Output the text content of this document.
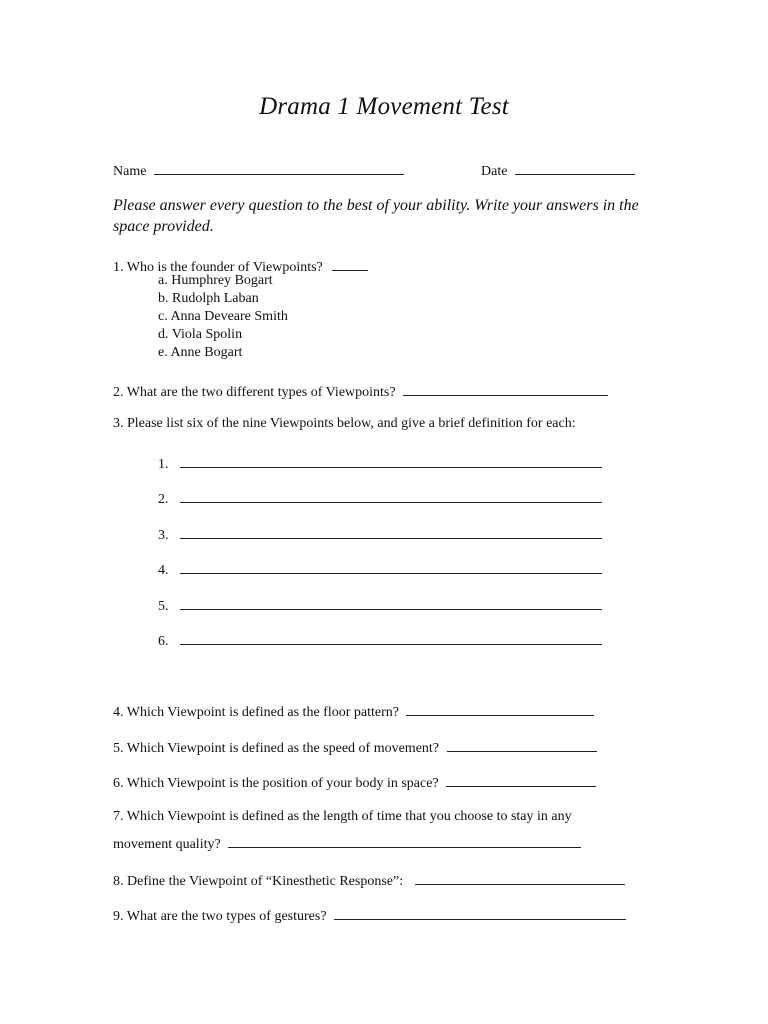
Drama 1 Movement Test
Name	Date
Please answer every question to the best of your ability. Write your answers in the space provided.
1. Who is the founder of Viewpoints?
a. Humphrey Bogart
b. Rudolph Laban
c. Anna Deveare Smith
d. Viola Spolin
e. Anne Bogart
2. What are the two different types of Viewpoints?
3. Please list six of the nine Viewpoints below, and give a brief definition for each:
1.
2.
3.
4.
5.
6.
4. Which Viewpoint is defined as the floor pattern?
5. Which Viewpoint is defined as the speed of movement?
6. Which Viewpoint is the position of your body in space?
7. Which Viewpoint is defined as the length of time that you choose to stay in any
movement quality?
8. Define the Viewpoint of “Kinesthetic Response”:
9. What are the two types of gestures?
